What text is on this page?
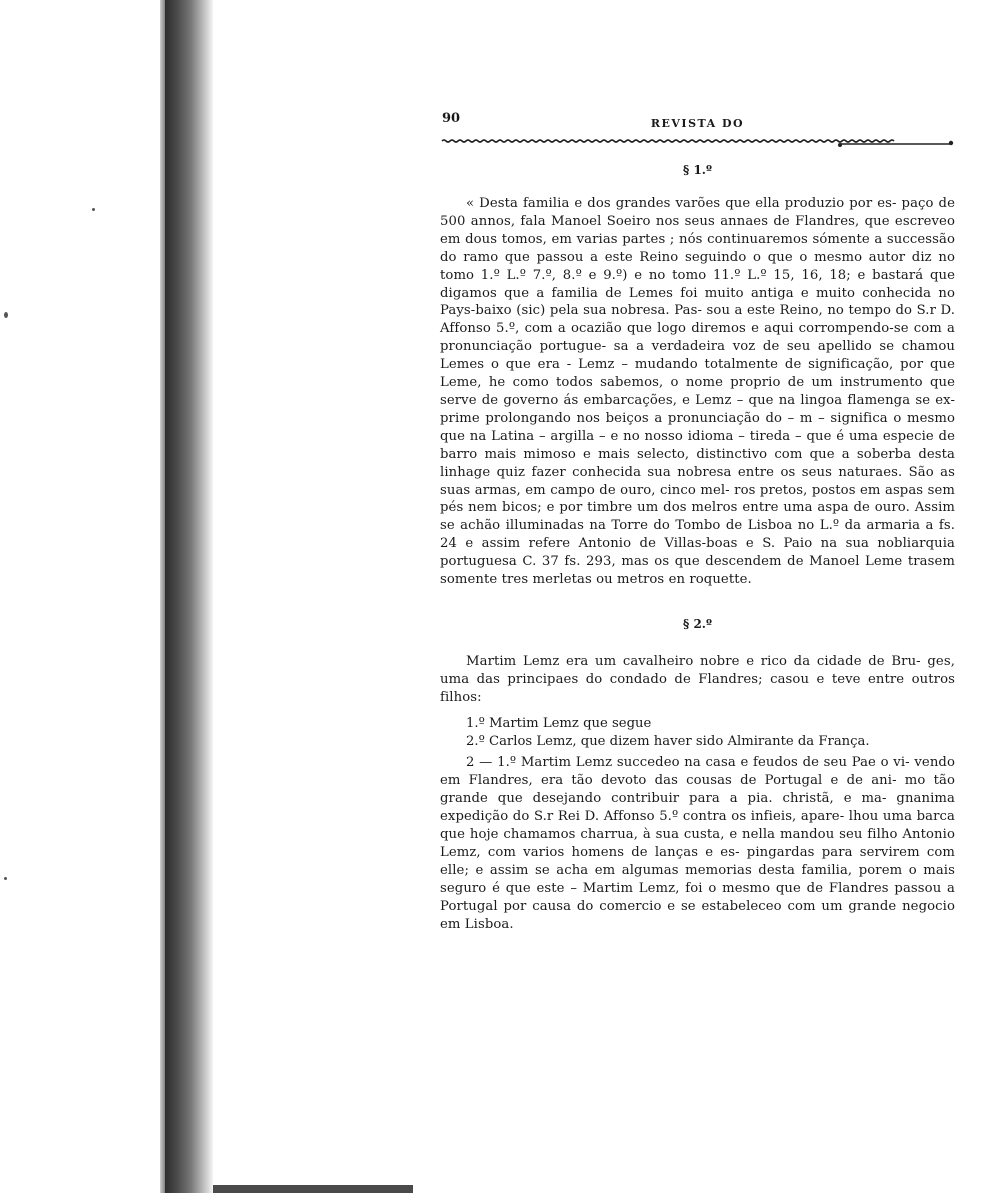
90	REVISTA DO
§ 1.º

« Desta familia e dos grandes varões que ella produzio por es- paço de 500 annos, fala Manoel Soeiro nos seus annaes de Flandres, que escreveo em dous tomos, em varias partes ; nós continuaremos sómente a successão do ramo que passou a este Reino seguindo o que o mesmo autor diz no tomo 1.º L.º 7.º, 8.º e 9.º) e no tomo 11.º L.º 15, 16, 18; e bastará que digamos que a familia de Lemes foi muito antiga e muito conhecida no Pays-baixo (sic) pela sua nobresa. Pas- sou a este Reino, no tempo do S.r D. Affonso 5.º, com a ocazião que logo diremos e aqui corrompendo-se com a pronunciação portugue- sa a verdadeira voz de seu apellido se chamou Lemes o que era - Lemz – mudando totalmente de significação, por que Leme, he como todos sabemos, o nome proprio de um instrumento que serve de governo ás embarcações, e Lemz – que na lingoa flamenga se ex- prime prolongando nos beiços a pronunciação do – m – significa o mesmo que na Latina – argilla – e no nosso idioma – tireda – que é uma especie de barro mais mimoso e mais selecto, distinctivo com que a soberba desta linhage quiz fazer conhecida sua nobresa entre os seus naturaes. São as suas armas, em campo de ouro, cinco mel- ros pretos, postos em aspas sem pés nem bicos; e por timbre um dos melros entre uma aspa de ouro. Assim se achão illuminadas na Torre do Tombo de Lisboa no L.º da armaria a fs. 24 e assim refere Antonio de Villas-boas e S. Paio na sua nobliarquia portuguesa C. 37 fs. 293, mas os que descendem de Manoel Leme trasem somente tres merletas ou metros en roquette.

§ 2.º

Martim Lemz era um cavalheiro nobre e rico da cidade de Bru- ges, uma das principaes do condado de Flandres; casou e teve entre outros filhos:

1.º Martim Lemz que segue

2.º Carlos Lemz, que dizem haver sido Almirante da França.

2 — 1.º Martim Lemz succedeo na casa e feudos de seu Pae o vi- vendo em Flandres, era tão devoto das cousas de Portugal e de ani- mo tão grande que desejando contribuir para a pia. christã, e ma- gnanima expedição do S.r Rei D. Affonso 5.º contra os infieis, apare- lhou uma barca que hoje chamamos charrua, à sua custa, e nella mandou seu filho Antonio Lemz, com varios homens de lanças e es- pingardas para servirem com elle; e assim se acha em algumas memorias desta familia, porem o mais seguro é que este – Martim Lemz, foi o mesmo que de Flandres passou a Portugal por causa do comercio e se estabeleceo com um grande negocio em Lisboa.
